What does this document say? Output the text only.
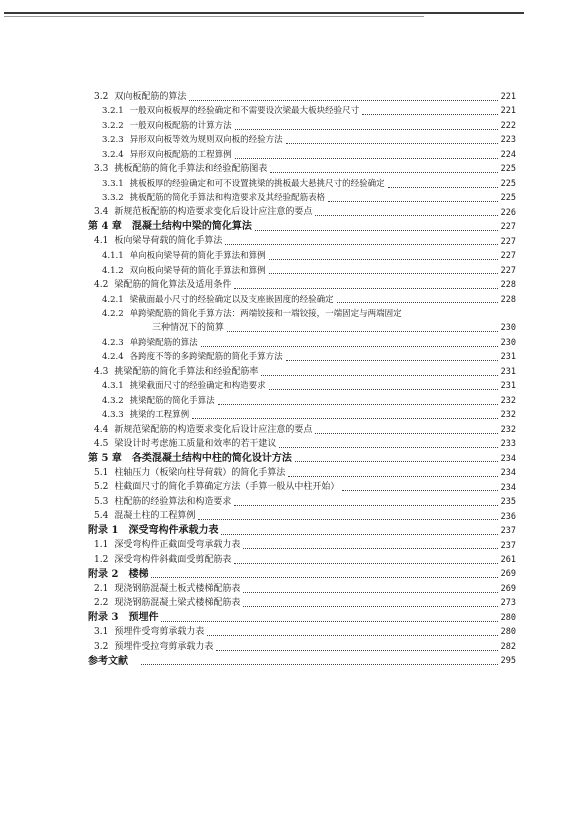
3.2 双向板配筋的算法	221
3.2.1 一般双向板板厚的经验确定和不需要设次梁最大板块经验尺寸	221
3.2.2 一般双向板配筋的计算方法	222
3.2.3 异形双向板等效为规则双向板的经验方法	223
3.2.4 异形双向板配筋的工程算例	224
3.3 挑板配筋的简化手算法和经验配筋图表	225
3.3.1 挑板板厚的经验确定和可不设置挑梁的挑板最大悬挑尺寸的经验确定	225
3.3.2 挑板配筋的简化手算法和构造要求及其经验配筋表格	225
3.4 新规范板配筋的构造要求变化后设计应注意的要点	226
第 4 章	混凝土结构中梁的简化算法	227
4.1 板向梁导荷载的简化手算法	227
4.1.1 单向板向梁导荷的简化手算法和算例	227
4.1.2 双向板向梁导荷的简化手算法和算例	227
4.2 梁配筋的简化算法及适用条件	228
4.2.1 梁截面最小尺寸的经验确定以及支座嵌固度的经验确定	228
4.2.2 单跨梁配筋的简化手算方法：两端铰接和一端铰接，一端固定与两端固定
三种情况下的简算	230
4.2.3 单跨梁配筋的算法	230
4.2.4 各跨度不等的多跨梁配筋的简化手算方法	231
4.3 挑梁配筋的简化手算法和经验配筋率	231
4.3.1 挑梁截面尺寸的经验确定和构造要求	231
4.3.2 挑梁配筋的简化手算法	232
4.3.3 挑梁的工程算例	232
4.4 新规范梁配筋的构造要求变化后设计应注意的要点	232
4.5 梁设计时考虑施工质量和效率的若干建议	233
第 5 章	各类混凝土结构中柱的简化设计方法	234
5.1 柱轴压力（板梁向柱导荷载）的简化手算法	234
5.2 柱截面尺寸的简化手算确定方法（手算一般从中柱开始）	234
5.3 柱配筋的经验算法和构造要求	235
5.4 混凝土柱的工程算例	236
附录 1	深受弯构件承载力表	237
1.1 深受弯构件正截面受弯承载力表	237
1.2 深受弯构件斜截面受剪配筋表	261
附录 2	楼梯	269
2.1 现浇钢筋混凝土板式楼梯配筋表	269
2.2 现浇钢筋混凝土梁式楼梯配筋表	273
附录 3	预埋件	280
3.1 预埋件受弯剪承载力表	280
3.2 预埋件受拉弯剪承载力表	282
参考文献	295
